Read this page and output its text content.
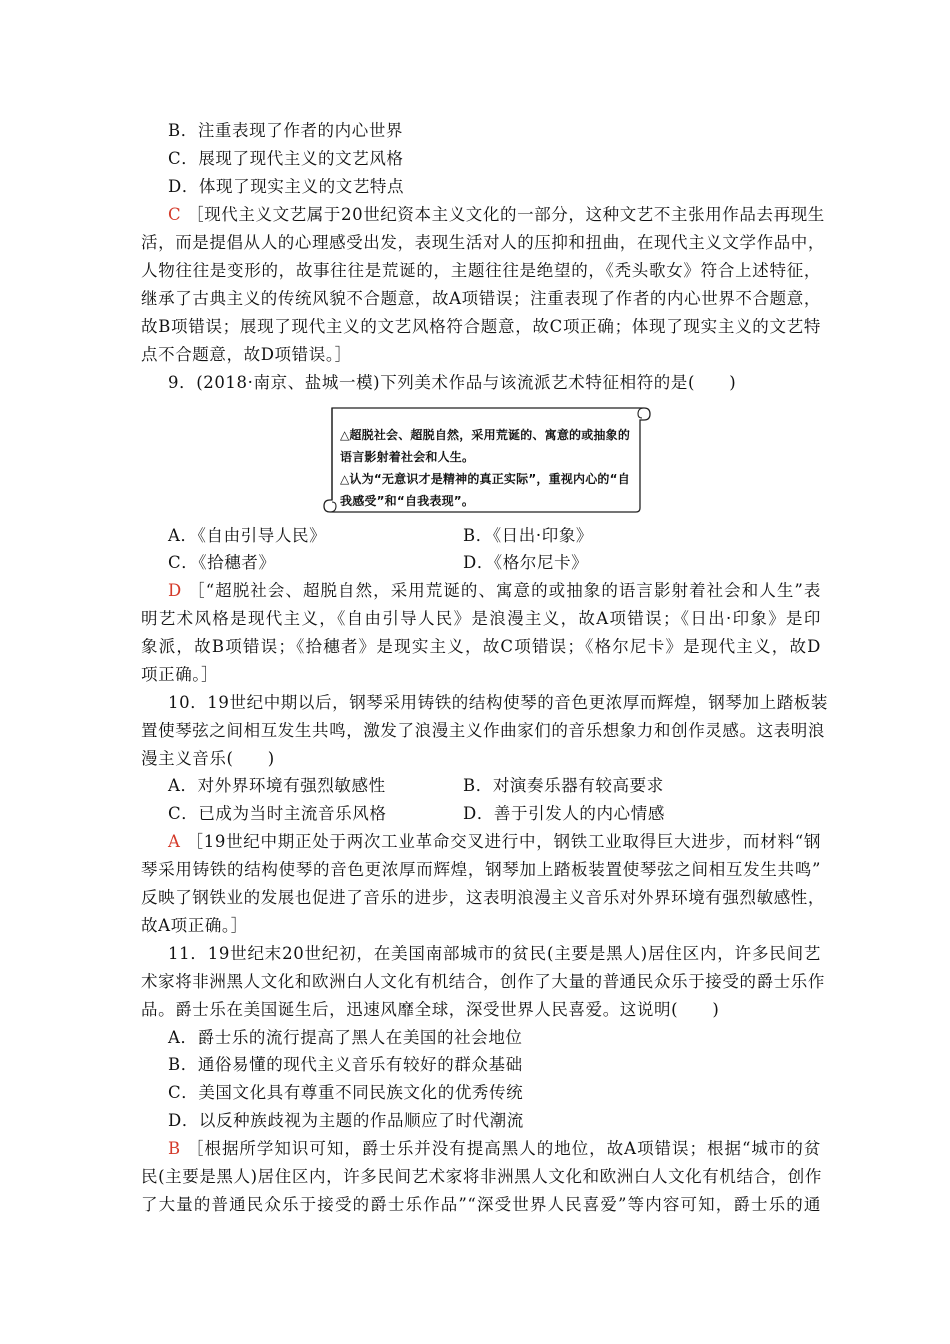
B．注重表现了作者的内心世界
C．展现了现代主义的文艺风格
D．体现了现实主义的文艺特点
C ［现代主义文艺属于20世纪资本主义文化的一部分，这种文艺不主张用作品去再现生
活，而是提倡从人的心理感受出发，表现生活对人的压抑和扭曲，在现代主义文学作品中，
人物往往是变形的，故事往往是荒诞的，主题往往是绝望的，《秃头歌女》符合上述特征，
继承了古典主义的传统风貌不合题意，故A项错误；注重表现了作者的内心世界不合题意，
故B项错误；展现了现代主义的文艺风格符合题意，故C项正确；体现了现实主义的文艺特
点不合题意，故D项错误。］
9．(2018·南京、盐城一模)下列美术作品与该流派艺术特征相符的是(　　)
△超脱社会、超脱自然，采用荒诞的、寓意的或抽象的
语言影射着社会和人生。
△认为“无意识才是精神的真正实际”，重视内心的“自
我感受”和“自我表现”。
A．《自由引导人民》	B．《日出·印象》
C．《拾穗者》	D．《格尔尼卡》
D ［“超脱社会、超脱自然，采用荒诞的、寓意的或抽象的语言影射着社会和人生”表
明艺术风格是现代主义，《自由引导人民》是浪漫主义，故A项错误；《日出·印象》是印
象派，故B项错误；《拾穗者》是现实主义，故C项错误；《格尔尼卡》是现代主义，故D
项正确。］
10．19世纪中期以后，钢琴采用铸铁的结构使琴的音色更浓厚而辉煌，钢琴加上踏板装
置使琴弦之间相互发生共鸣，激发了浪漫主义作曲家们的音乐想象力和创作灵感。这表明浪
漫主义音乐(　　)
A．对外界环境有强烈敏感性	B．对演奏乐器有较高要求
C．已成为当时主流音乐风格	D．善于引发人的内心情感
A ［19世纪中期正处于两次工业革命交叉进行中，钢铁工业取得巨大进步，而材料“钢
琴采用铸铁的结构使琴的音色更浓厚而辉煌，钢琴加上踏板装置使琴弦之间相互发生共鸣”
反映了钢铁业的发展也促进了音乐的进步，这表明浪漫主义音乐对外界环境有强烈敏感性，
故A项正确。］
11．19世纪末20世纪初，在美国南部城市的贫民(主要是黑人)居住区内，许多民间艺
术家将非洲黑人文化和欧洲白人文化有机结合，创作了大量的普通民众乐于接受的爵士乐作
品。爵士乐在美国诞生后，迅速风靡全球，深受世界人民喜爱。这说明(　　)
A．爵士乐的流行提高了黑人在美国的社会地位
B．通俗易懂的现代主义音乐有较好的群众基础
C．美国文化具有尊重不同民族文化的优秀传统
D．以反种族歧视为主题的作品顺应了时代潮流
B ［根据所学知识可知，爵士乐并没有提高黑人的地位，故A项错误；根据“城市的贫
民(主要是黑人)居住区内，许多民间艺术家将非洲黑人文化和欧洲白人文化有机结合，创作
了大量的普通民众乐于接受的爵士乐作品”“深受世界人民喜爱”等内容可知，爵士乐的通
